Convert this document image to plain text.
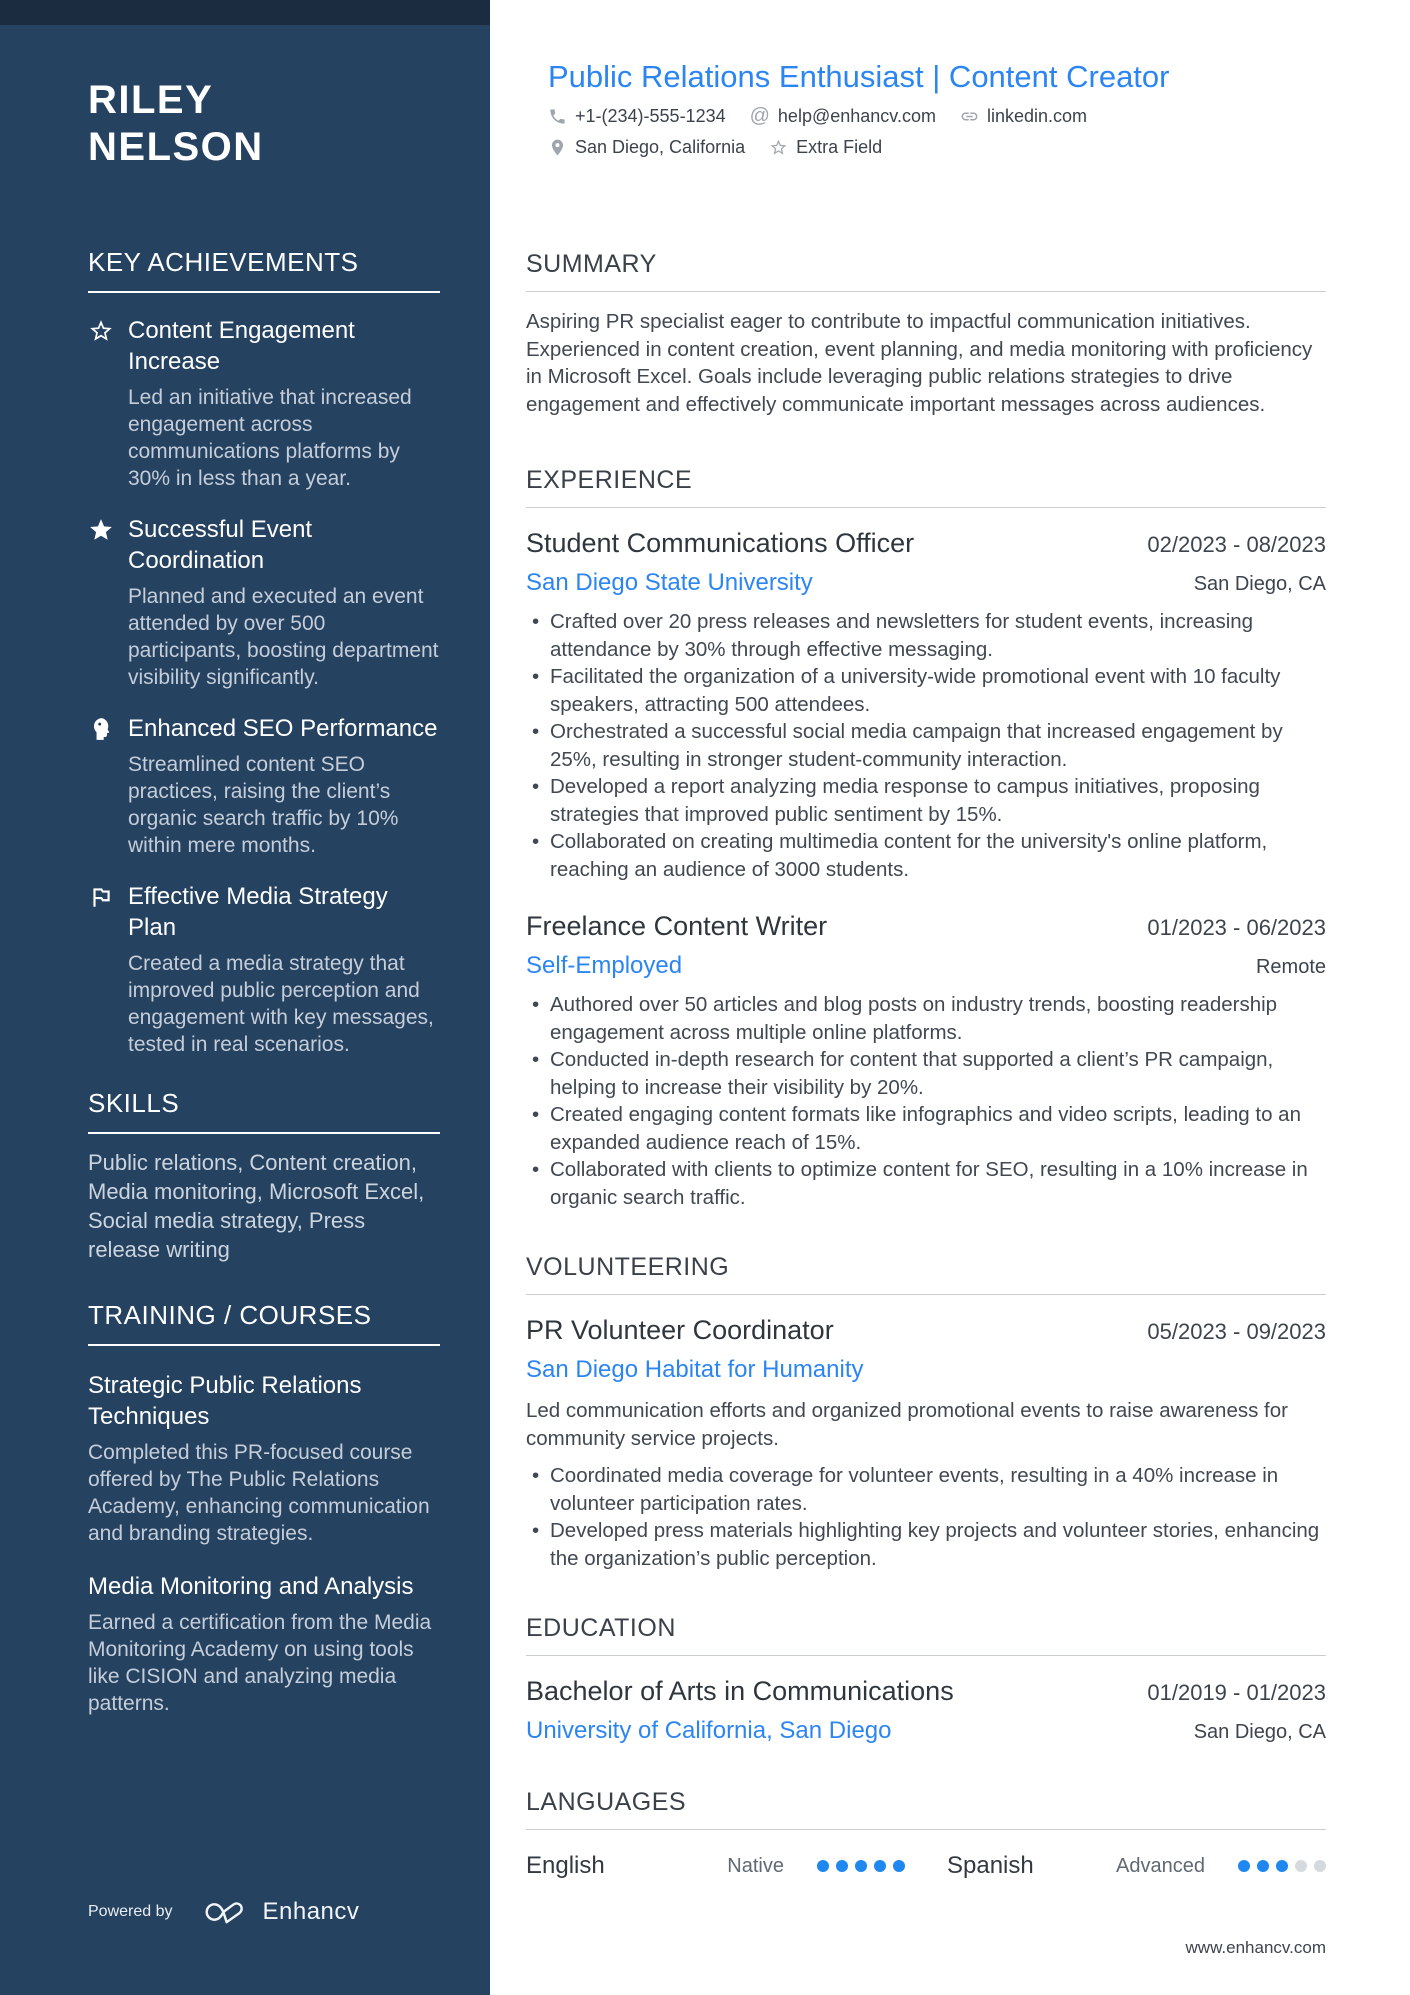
RILEY
NELSON
KEY ACHIEVEMENTS
Content Engagement Increase
Led an initiative that increased engagement across communications platforms by 30% in less than a year.
Successful Event Coordination
Planned and executed an event attended by over 500 participants, boosting department visibility significantly.
Enhanced SEO Performance
Streamlined content SEO practices, raising the client’s organic search traffic by 10% within mere months.
Effective Media Strategy Plan
Created a media strategy that improved public perception and engagement with key messages, tested in real scenarios.
SKILLS
Public relations, Content creation, Media monitoring, Microsoft Excel, Social media strategy, Press release writing
TRAINING / COURSES
Strategic Public Relations Techniques
Completed this PR-focused course offered by The Public Relations Academy, enhancing communication and branding strategies.
Media Monitoring and Analysis
Earned a certification from the Media Monitoring Academy on using tools like CISION and analyzing media patterns.
Powered by	Enhancv
Public Relations Enthusiast | Content Creator
+1-(234)-555-1234 @ help@enhancv.com	linkedin.com
San Diego, California	Extra Field
SUMMARY

Aspiring PR specialist eager to contribute to impactful communication initiatives. Experienced in content creation, event planning, and media monitoring with proficiency in Microsoft Excel. Goals include leveraging public relations strategies to drive engagement and effectively communicate important messages across audiences.

EXPERIENCE
Student Communications Officer	02/2023 - 08/2023
San Diego State University	San Diego, CA
• Crafted over 20 press releases and newsletters for student events, increasing attendance by 30% through effective messaging.
• Facilitated the organization of a university-wide promotional event with 10 faculty speakers, attracting 500 attendees.
• Orchestrated a successful social media campaign that increased engagement by 25%, resulting in stronger student-community interaction.
• Developed a report analyzing media response to campus initiatives, proposing strategies that improved public sentiment by 15%.
• Collaborated on creating multimedia content for the university's online platform, reaching an audience of 3000 students.
Freelance Content Writer	01/2023 - 06/2023
Self-Employed	Remote
• Authored over 50 articles and blog posts on industry trends, boosting readership engagement across multiple online platforms.
• Conducted in-depth research for content that supported a client’s PR campaign, helping to increase their visibility by 20%.
• Created engaging content formats like infographics and video scripts, leading to an expanded audience reach of 15%.
• Collaborated with clients to optimize content for SEO, resulting in a 10% increase in organic search traffic.
VOLUNTEERING
PR Volunteer Coordinator	05/2023 - 09/2023
San Diego Habitat for Humanity

Led communication efforts and organized promotional events to raise awareness for community service projects.

• Coordinated media coverage for volunteer events, resulting in a 40% increase in volunteer participation rates.
• Developed press materials highlighting key projects and volunteer stories, enhancing the organization’s public perception.
EDUCATION
Bachelor of Arts in Communications	01/2019 - 01/2023
University of California, San Diego	San Diego, CA
LANGUAGES
English	Native	Spanish	Advanced
www.enhancv.com
